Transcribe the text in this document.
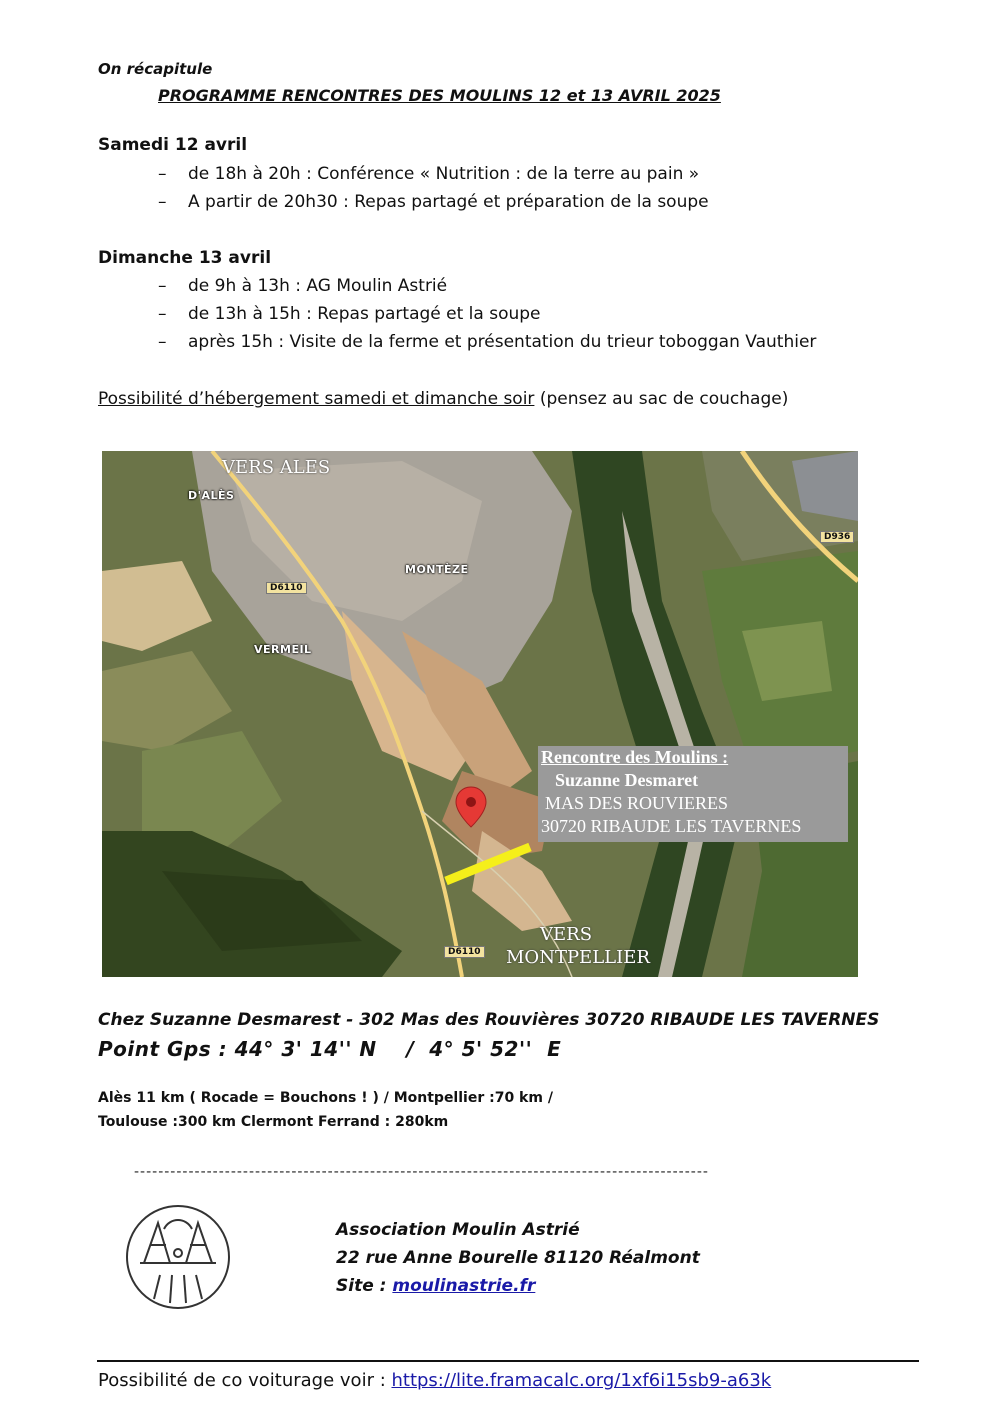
On récapitule
PROGRAMME RENCONTRES DES MOULINS 12 et 13 AVRIL 2025
Samedi 12 avril
– de 18h à 20h : Conférence « Nutrition : de la terre au pain »
– A partir de 20h30 : Repas partagé et préparation de la soupe
Dimanche 13 avril
– de 9h à 13h : AG Moulin Astrié
– de 13h à 15h : Repas partagé et la soupe
– après 15h : Visite de la ferme et présentation du trieur toboggan Vauthier
Possibilité d’hébergement samedi et dimanche soir (pensez au sac de couchage)
VERS ALES
D'ALÈS
MONTÈZE
VERMEIL
D6110
D6110
D936
Rencontre des Moulins :
Suzanne Desmaret
MAS DES ROUVIERES
30720 RIBAUDE LES TAVERNES
VERS
MONTPELLIER
Chez Suzanne Desmarest - 302 Mas des Rouvières 30720 RIBAUDE LES TAVERNES
Point Gps : 44° 3' 14'' N    /  4° 5' 52''  E
Alès 11 km ( Rocade = Bouchons ! ) / Montpellier :70 km /
Toulouse :300 km Clermont Ferrand : 280km
-----------------------------------------------------------------------------------------------
Association Moulin Astrié
22 rue Anne Bourelle 81120 Réalmont
Site : moulinastrie.fr
Possibilité de co voiturage voir : https://lite.framacalc.org/1xf6i15sb9-a63k
